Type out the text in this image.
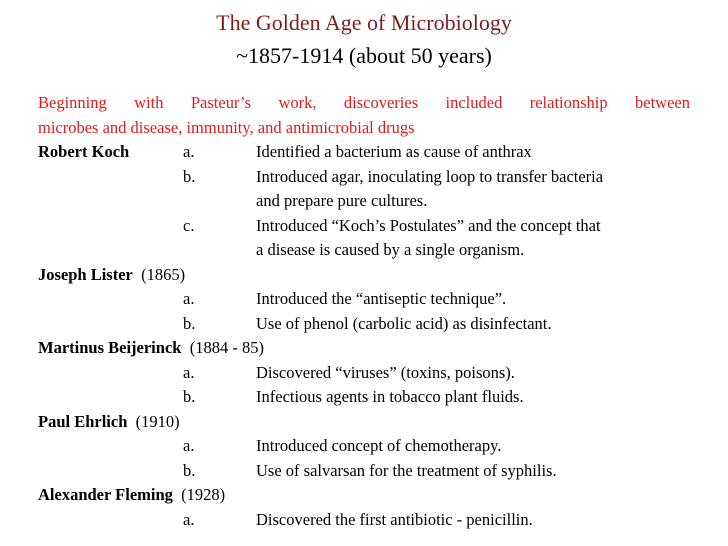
The Golden Age of Microbiology
~1857-1914 (about 50 years)
Beginning with Pasteur’s work, discoveries included relationship between
microbes and disease, immunity, and antimicrobial drugs
Robert Koch	a.	Identified a bacterium as cause of anthrax
b.	Introduced agar, inoculating loop to transfer bacteria
and prepare pure cultures.
c.	Introduced “Koch’s Postulates” and the concept that
a disease is caused by a single organism.
Joseph Lister  (1865)
a.	Introduced the “antiseptic technique”.
b.	Use of phenol (carbolic acid) as disinfectant.
Martinus Beijerinck  (1884 - 85)
a.	Discovered “viruses” (toxins, poisons).
b.	Infectious agents in tobacco plant fluids.
Paul Ehrlich  (1910)
a.	Introduced concept of chemotherapy.
b.	Use of salvarsan for the treatment of syphilis.
Alexander Fleming  (1928)
a.	Discovered the first antibiotic - penicillin.
